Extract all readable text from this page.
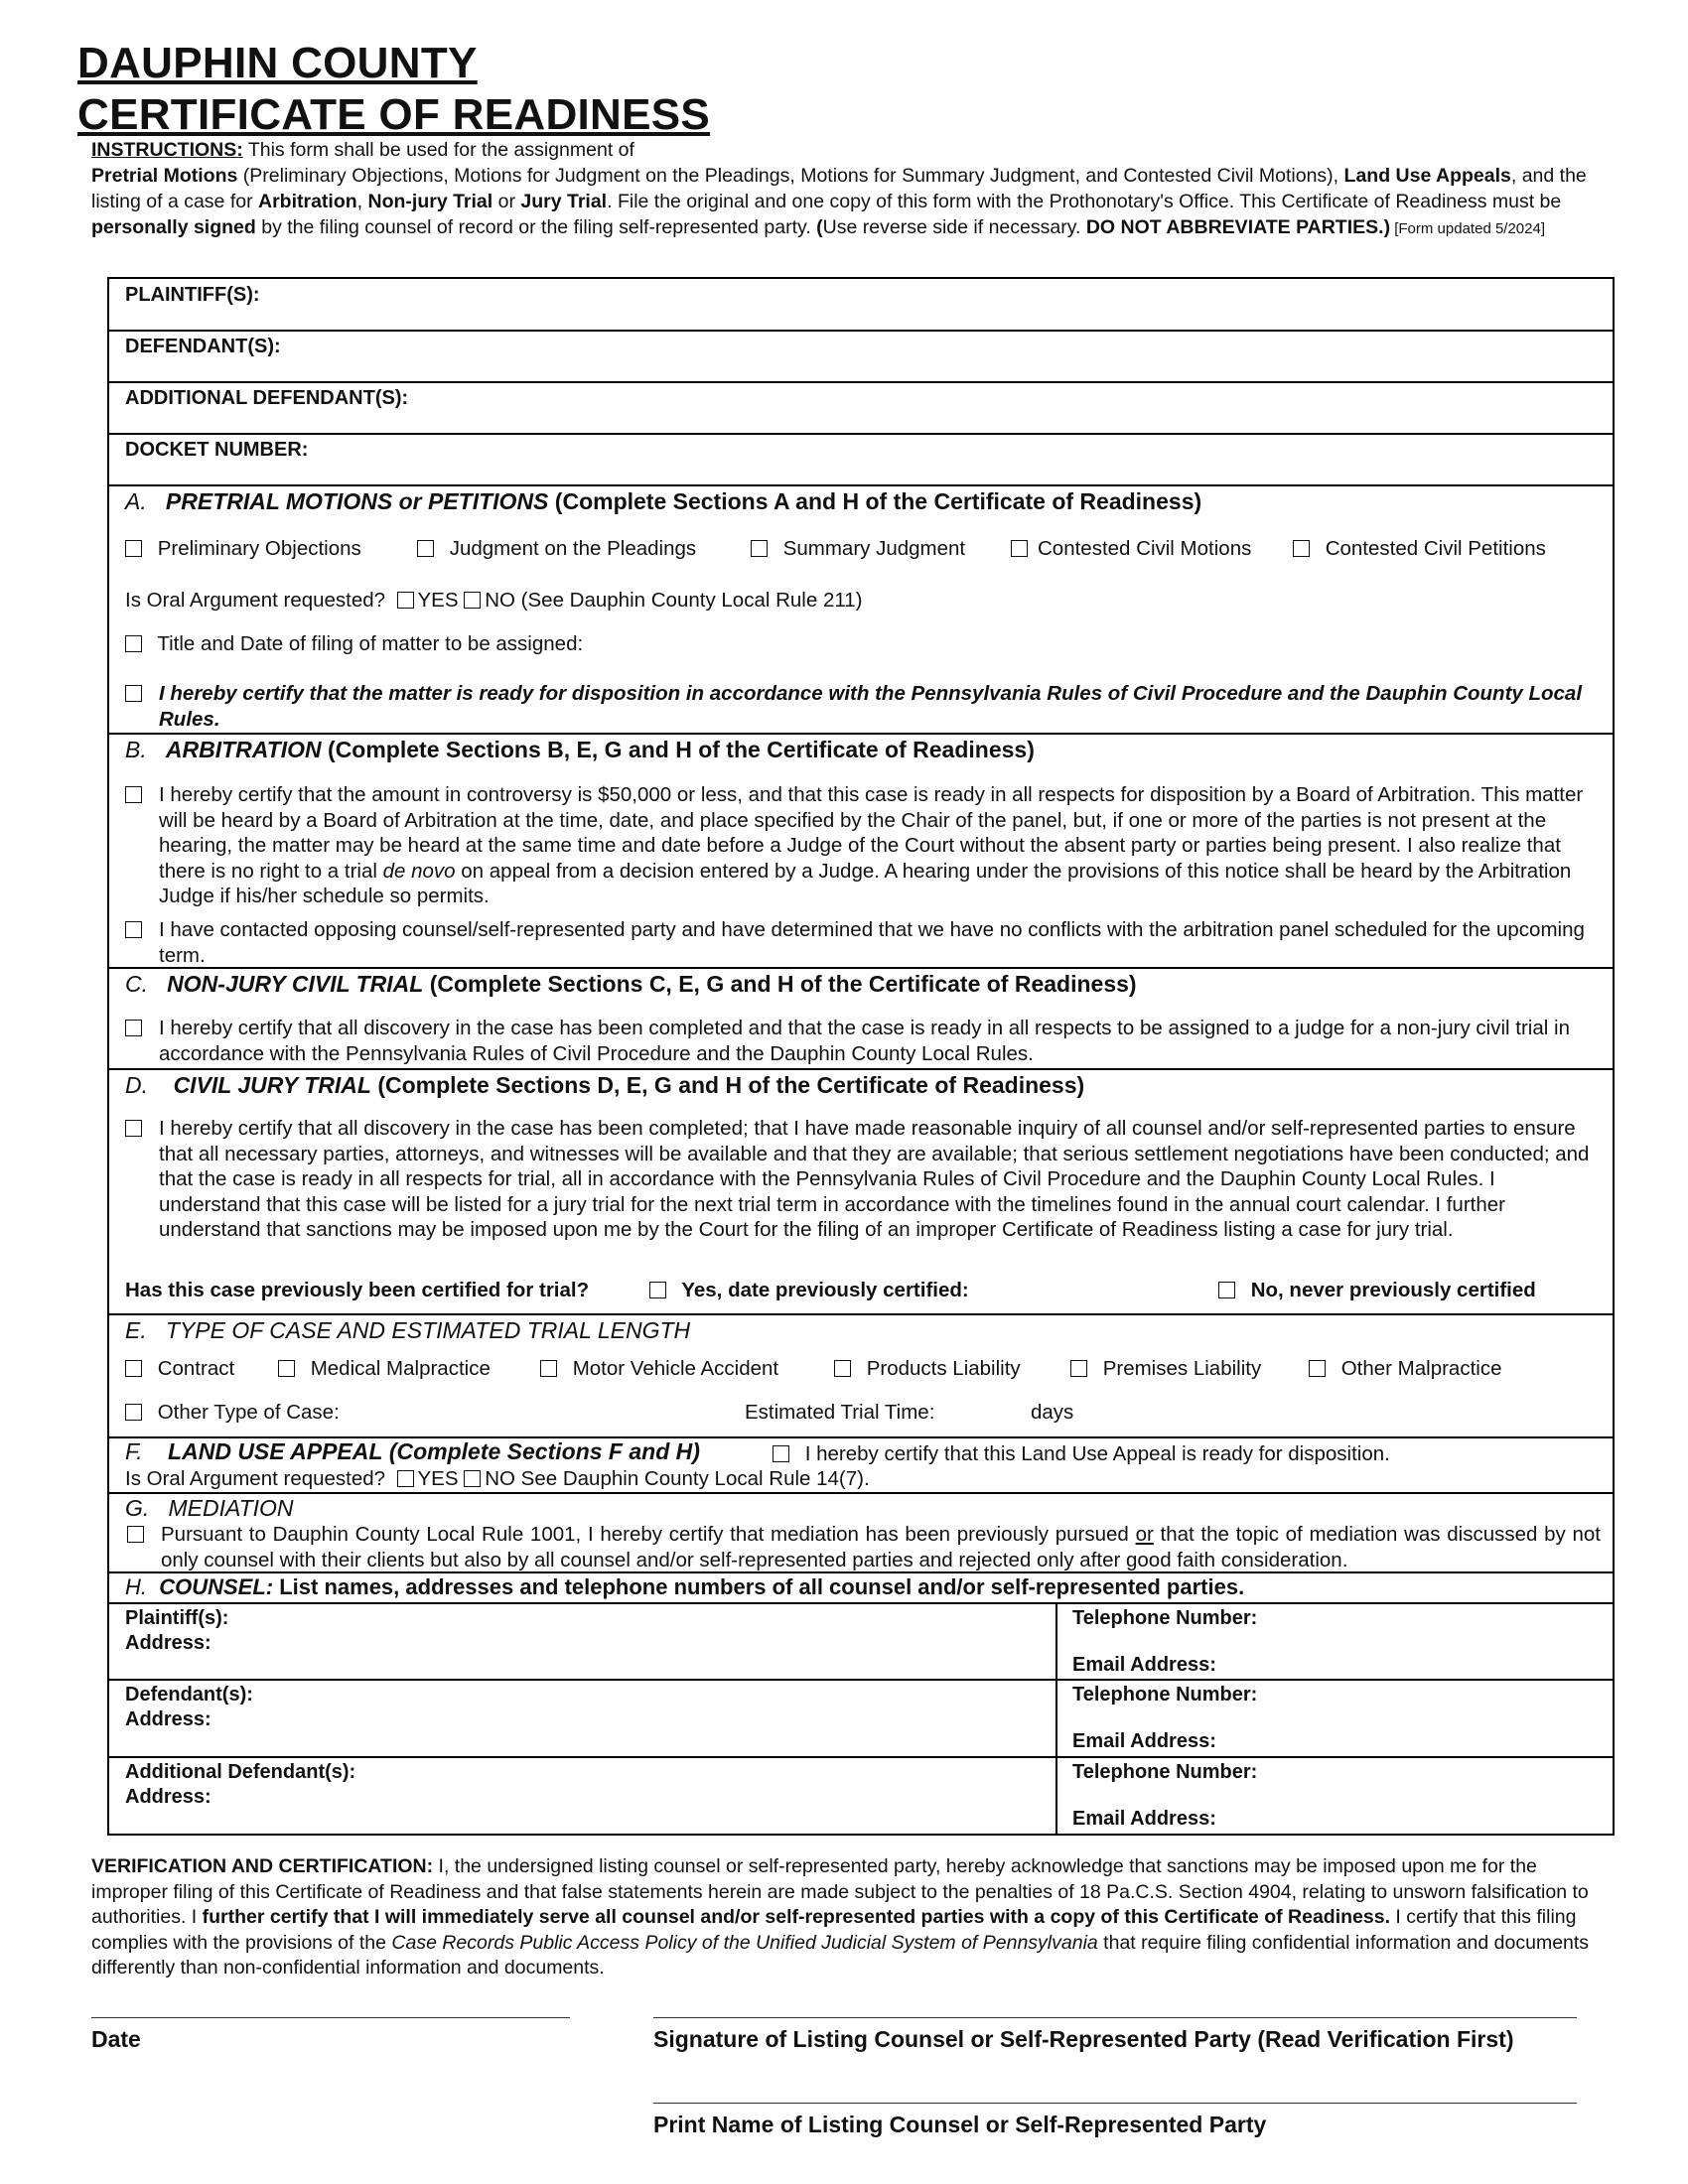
DAUPHIN COUNTY
CERTIFICATE OF READINESS
INSTRUCTIONS: This form shall be used for the assignment of
Pretrial Motions (Preliminary Objections, Motions for Judgment on the Pleadings, Motions for Summary Judgment, and Contested Civil Motions), Land Use Appeals, and the listing of a case for Arbitration, Non-jury Trial or Jury Trial. File the original and one copy of this form with the Prothonotary's Office. This Certificate of Readiness must be personally signed by the filing counsel of record or the filing self-represented party. (Use reverse side if necessary. DO NOT ABBREVIATE PARTIES.) [Form updated 5/2024]
PLAINTIFF(S):
DEFENDANT(S):
ADDITIONAL DEFENDANT(S):
DOCKET NUMBER:
A. PRETRIAL MOTIONS or PETITIONS (Complete Sections A and H of the Certificate of Readiness)
Preliminary Objections	Judgment on the Pleadings	Summary Judgment	Contested Civil Motions	Contested Civil Petitions
Is Oral Argument requested? YES NO (See Dauphin County Local Rule 211)
Title and Date of filing of matter to be assigned:
I hereby certify that the matter is ready for disposition in accordance with the Pennsylvania Rules of Civil Procedure and the Dauphin County Local Rules.
B. ARBITRATION (Complete Sections B, E, G and H of the Certificate of Readiness)
I hereby certify that the amount in controversy is $50,000 or less, and that this case is ready in all respects for disposition by a Board of Arbitration. This matter will be heard by a Board of Arbitration at the time, date, and place specified by the Chair of the panel, but, if one or more of the parties is not present at the hearing, the matter may be heard at the same time and date before a Judge of the Court without the absent party or parties being present. I also realize that there is no right to a trial de novo on appeal from a decision entered by a Judge. A hearing under the provisions of this notice shall be heard by the Arbitration Judge if his/her schedule so permits.
I have contacted opposing counsel/self-represented party and have determined that we have no conflicts with the arbitration panel scheduled for the upcoming term.
C. NON-JURY CIVIL TRIAL (Complete Sections C, E, G and H of the Certificate of Readiness)
I hereby certify that all discovery in the case has been completed and that the case is ready in all respects to be assigned to a judge for a non-jury civil trial in accordance with the Pennsylvania Rules of Civil Procedure and the Dauphin County Local Rules.
D. CIVIL JURY TRIAL (Complete Sections D, E, G and H of the Certificate of Readiness)
I hereby certify that all discovery in the case has been completed; that I have made reasonable inquiry of all counsel and/or self-represented parties to ensure that all necessary parties, attorneys, and witnesses will be available and that they are available; that serious settlement negotiations have been conducted; and that the case is ready in all respects for trial, all in accordance with the Pennsylvania Rules of Civil Procedure and the Dauphin County Local Rules. I understand that this case will be listed for a jury trial for the next trial term in accordance with the timelines found in the annual court calendar. I further understand that sanctions may be imposed upon me by the Court for the filing of an improper Certificate of Readiness listing a case for jury trial.
Has this case previously been certified for trial?	Yes, date previously certified:	No, never previously certified
E. TYPE OF CASE AND ESTIMATED TRIAL LENGTH
Contract	Medical Malpractice	Motor Vehicle Accident	Products Liability	Premises Liability	Other Malpractice
Other Type of Case:	Estimated Trial Time:	days
F. LAND USE APPEAL (Complete Sections F and H)	I hereby certify that this Land Use Appeal is ready for disposition.
Is Oral Argument requested? YES NO See Dauphin County Local Rule 14(7).
G. MEDIATION
Pursuant to Dauphin County Local Rule 1001, I hereby certify that mediation has been previously pursued or that the topic of mediation was discussed by not only counsel with their clients but also by all counsel and/or self-represented parties and rejected only after good faith consideration.
H. COUNSEL: List names, addresses and telephone numbers of all counsel and/or self-represented parties.
Plaintiff(s):
Address:
Telephone Number:
Email Address:
Defendant(s):
Address:
Telephone Number:
Email Address:
Additional Defendant(s):
Address:
Telephone Number:
Email Address:
VERIFICATION AND CERTIFICATION: I, the undersigned listing counsel or self-represented party, hereby acknowledge that sanctions may be imposed upon me for the improper filing of this Certificate of Readiness and that false statements herein are made subject to the penalties of 18 Pa.C.S. Section 4904, relating to unsworn falsification to authorities. I further certify that I will immediately serve all counsel and/or self-represented parties with a copy of this Certificate of Readiness. I certify that this filing complies with the provisions of the Case Records Public Access Policy of the Unified Judicial System of Pennsylvania that require filing confidential information and documents differently than non-confidential information and documents.
Date	Signature of Listing Counsel or Self-Represented Party (Read Verification First)
Print Name of Listing Counsel or Self-Represented Party
